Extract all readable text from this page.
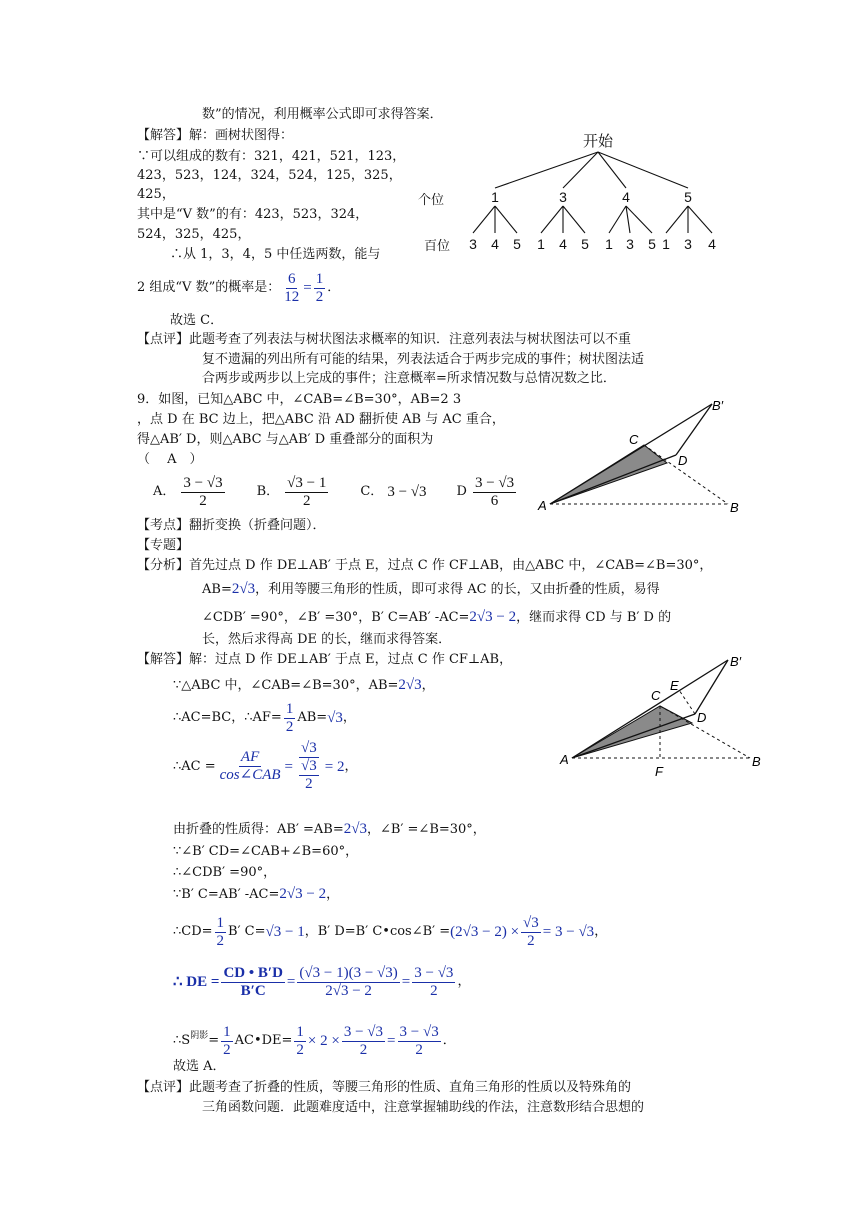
数”的情况，利用概率公式即可求得答案．
【解答】解：画树状图得：
∵可以组成的数有：321，421，521，123，
423，523，124，324，524，125，325，
425，
其中是“V 数”的有：423，523，324，
524，325，425，
∴从 1，3，4，5 中任选两数，能与
2 组成“V 数”的概率是： $\frac{6}{12} = \frac{1}{2}$ ．
故选 C．
【点评】此题考查了列表法与树状图法求概率的知识．注意列表法与树状图法可以不重
复不遗漏的列出所有可能的结果，列表法适合于两步完成的事件；树状图法适
合两步或两步以上完成的事件；注意概率=所求情况数与总情况数之比．
开始
个位
百位
1	3	4	5
3 4 5 1 4 5 1 3 5 1 3 4
9．如图，已知△ABC 中，∠CAB=∠B=30°，AB=2 3
，点 D 在 BC 边上，把△ABC 沿 AD 翻折使 AB 与 AC 重合，
得△AB′ D，则△ABC 与△AB′ D 重叠部分的面积为
（　 A　）
A． $\frac{3 - √3}{2}$ B． $\frac{√3 - 1}{2}$ C． 3 − √3 D $\frac{3 - √3}{6}$ A	B
C
D
B′
【考点】翻折变换（折叠问题）．
【专题】
【分析】首先过点 D 作 DE⊥AB′ 于点 E，过点 C 作 CF⊥AB，由△ABC 中，∠CAB=∠B=30°，
AB=2√3，利用等腰三角形的性质，即可求得 AC 的长，又由折叠的性质，易得
∠CDB′ =90°，∠B′ =30°，B′ C=AB′ -AC=2√3 − 2，继而求得 CD 与 B′ D 的
长，然后求得高 DE 的长，继而求得答案．
【解答】解：过点 D 作 DE⊥AB′ 于点 E，过点 C 作 CF⊥AB，
∵△ABC 中，∠CAB=∠B=30°，AB=2√3，
∴AC=BC，∴AF= $\frac{1}{2} AB= √3$ ，
∴AC = $\frac{AF}{\text{cos∠CAB}} = \frac{√3}{\frac{√3}{2}} = 2$ ，	A	B
C
E
D
F
B′
由折叠的性质得：AB′ =AB=2√3，∠B′ =∠B=30°，
∵∠B′ CD=∠CAB+∠B=60°，
∴∠CDB′ =90°，
∵B′ C=AB′ -AC=2√3 − 2，
∴CD= $\frac{1}{2} B'$ C= √3 − 1 ，B′ D=B′ C•cos∠B′ = $(2√3 - 2) \times \frac{√3}{2} = 3 - √3$ ，
∴ DE = $\frac{CD • B'D}{B'C} = \frac{(√3 - 1)(3 - √3)}{2√3 - 2} = \frac{3 - √3}{2}$ ，
∴S 阴影 = $\frac{1}{2}$ AC•DE= $\frac{1}{2} \times 2 \times \frac{3 - √3}{2} = \frac{3 - √3}{2}$ ．
故选 A．
【点评】此题考查了折叠的性质，等腰三角形的性质、直角三角形的性质以及特殊角的
三角函数问题．此题难度适中，注意掌握辅助线的作法，注意数形结合思想的
